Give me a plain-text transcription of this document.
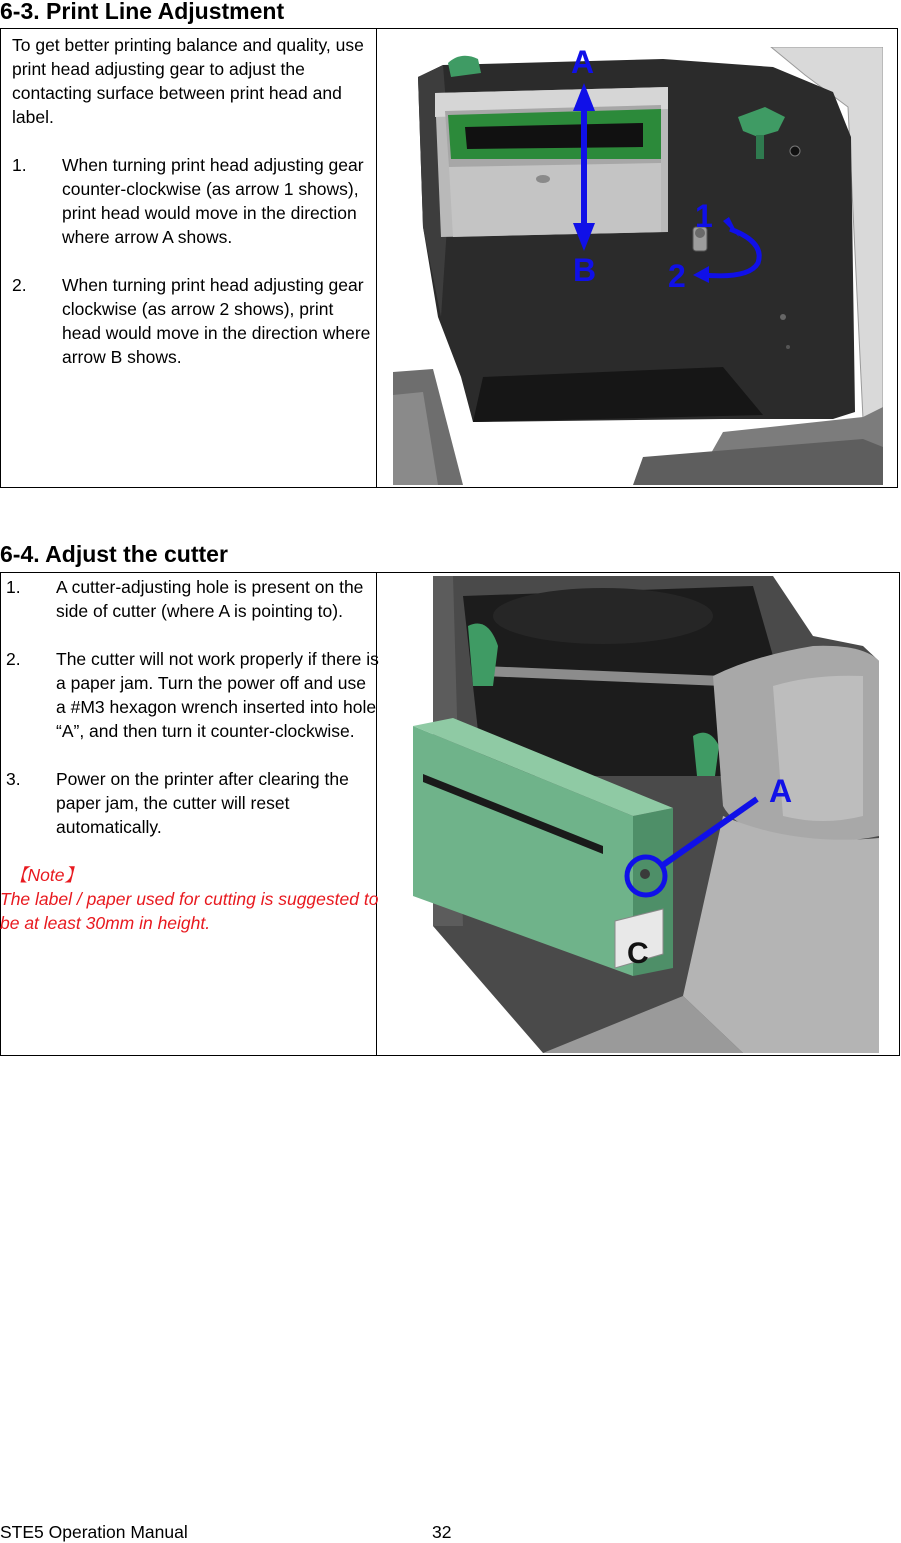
6-3. Print Line Adjustment

To get better printing balance and quality, use print head adjusting gear to adjust the contacting surface between print head and label.

1. When turning print head adjusting gear counter-clockwise (as arrow 1 shows), print head would move in the direction where arrow A shows.
2. When turning print head adjusting gear clockwise (as arrow 2 shows), print head would move in the direction where arrow B shows.
A
B
1
2
6-4. Adjust the cutter
1. A cutter-adjusting hole is present on the side of cutter (where A is pointing to).
2. The cutter will not work properly if there is a paper jam. Turn the power off and use a #M3 hexagon wrench inserted into hole “A”, and then turn it counter-clockwise.
3. Power on the printer after clearing the paper jam, the cutter will reset automatically.
【Note】
The label / paper used for cutting is suggested to be at least 30mm in height.
C
A
STE5 Operation Manual	32
